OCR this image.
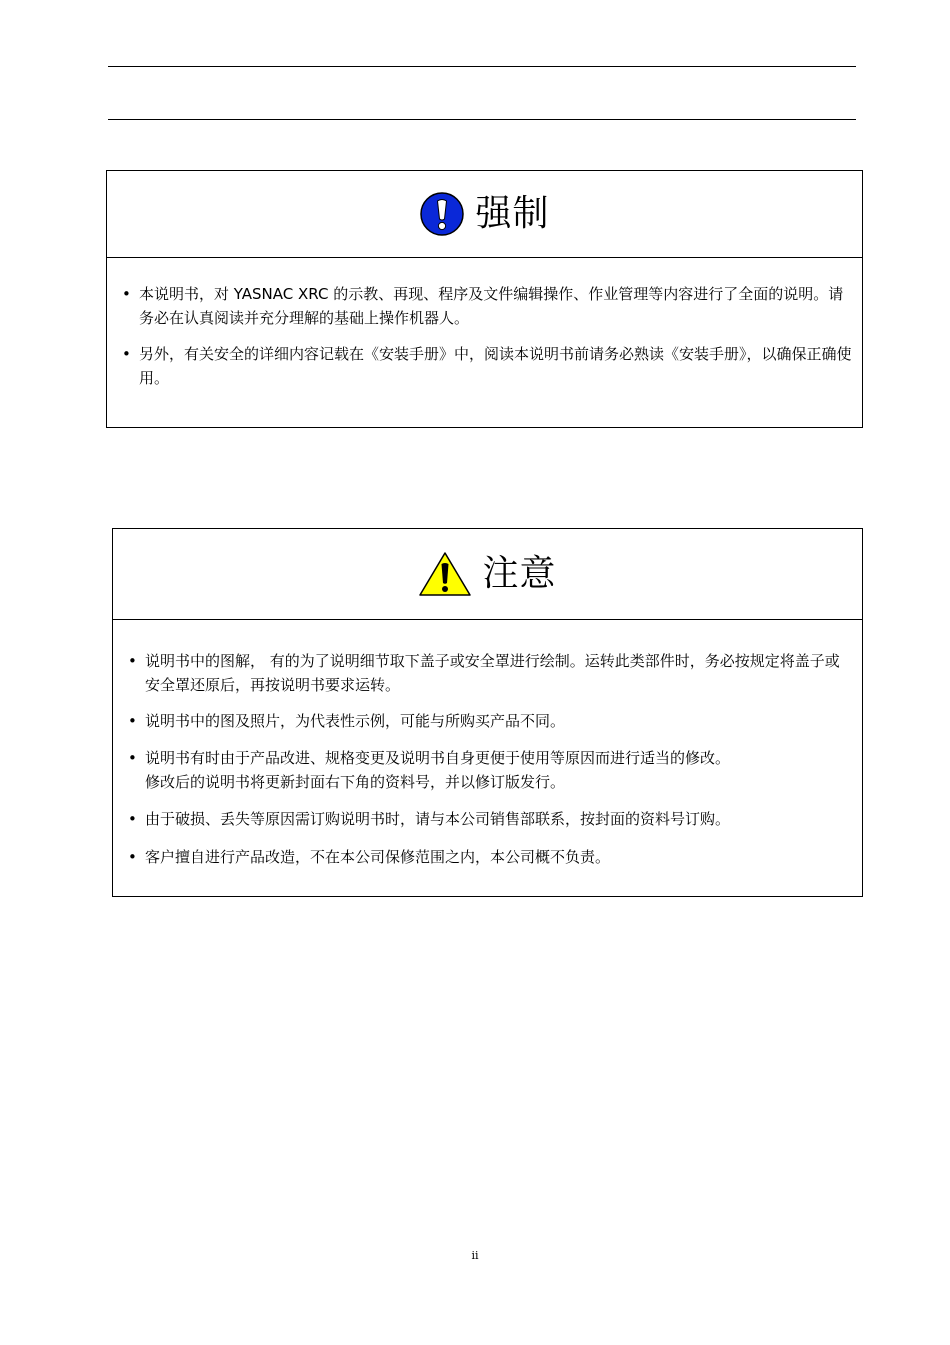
强制
• 本说明书，对 YASNAC XRC 的示教、再现、程序及文件编辑操作、作业管理等内容进行了全面的说明。请务必在认真阅读并充分理解的基础上操作机器人。
• 另外，有关安全的详细内容记载在《安装手册》中，阅读本说明书前请务必熟读《安装手册》，以确保正确使用。
注意
• 说明书中的图解， 有的为了说明细节取下盖子或安全罩进行绘制。运转此类部件时，务必按规定将盖子或安全罩还原后，再按说明书要求运转。
• 说明书中的图及照片，为代表性示例，可能与所购买产品不同。
• 说明书有时由于产品改进、规格变更及说明书自身更便于使用等原因而进行适当的修改。
修改后的说明书将更新封面右下角的资料号，并以修订版发行。
• 由于破损、丢失等原因需订购说明书时，请与本公司销售部联系，按封面的资料号订购。
• 客户擅自进行产品改造，不在本公司保修范围之内，本公司概不负责。
ii
